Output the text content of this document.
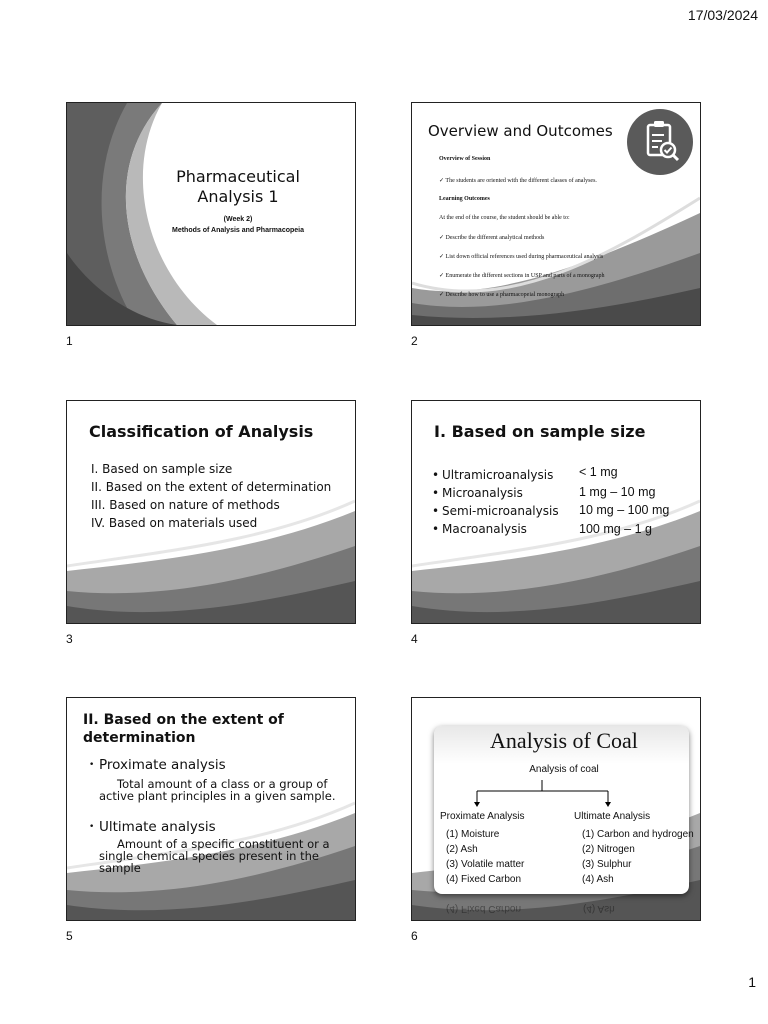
17/03/2024
Pharmaceutical Analysis 1
(Week 2)
Methods of Analysis and Pharmacopeia
1
Overview and Outcomes
Overview of Session
✓ The students are oriented with the different classes of analyses.
Learning Outcomes
At the end of the course, the student should be able to:
✓ Describe the different analytical methods
✓ List down official references used during pharmaceutical analysis
✓ Enumerate the different sections in USP and parts of a monograph
✓ Describe how to use a pharmacopeial monograph
2
Classification of Analysis
I. Based on sample size
II. Based on the extent of determination
III. Based on nature of methods
IV. Based on materials used
3
I. Based on sample size
• Ultramicroanalysis
• Microanalysis
• Semi-microanalysis
• Macroanalysis
< 1 mg
1 mg – 10 mg
10 mg – 100 mg
100 mg – 1 g
4
II. Based on the extent of determination
• Proximate analysis
Total amount of a class or a group of active plant principles in a given sample.
• Ultimate analysis
Amount of a specific constituent or a single chemical species present in the sample
5
(4) Fixed Carbon	(4) Ash
Analysis of Coal
Analysis of coal
Proximate Analysis	Ultimate Analysis
(1) Moisture
(2) Ash
(3) Volatile matter
(4) Fixed Carbon
(1) Carbon and hydrogen
(2) Nitrogen
(3) Sulphur
(4) Ash
6
1
